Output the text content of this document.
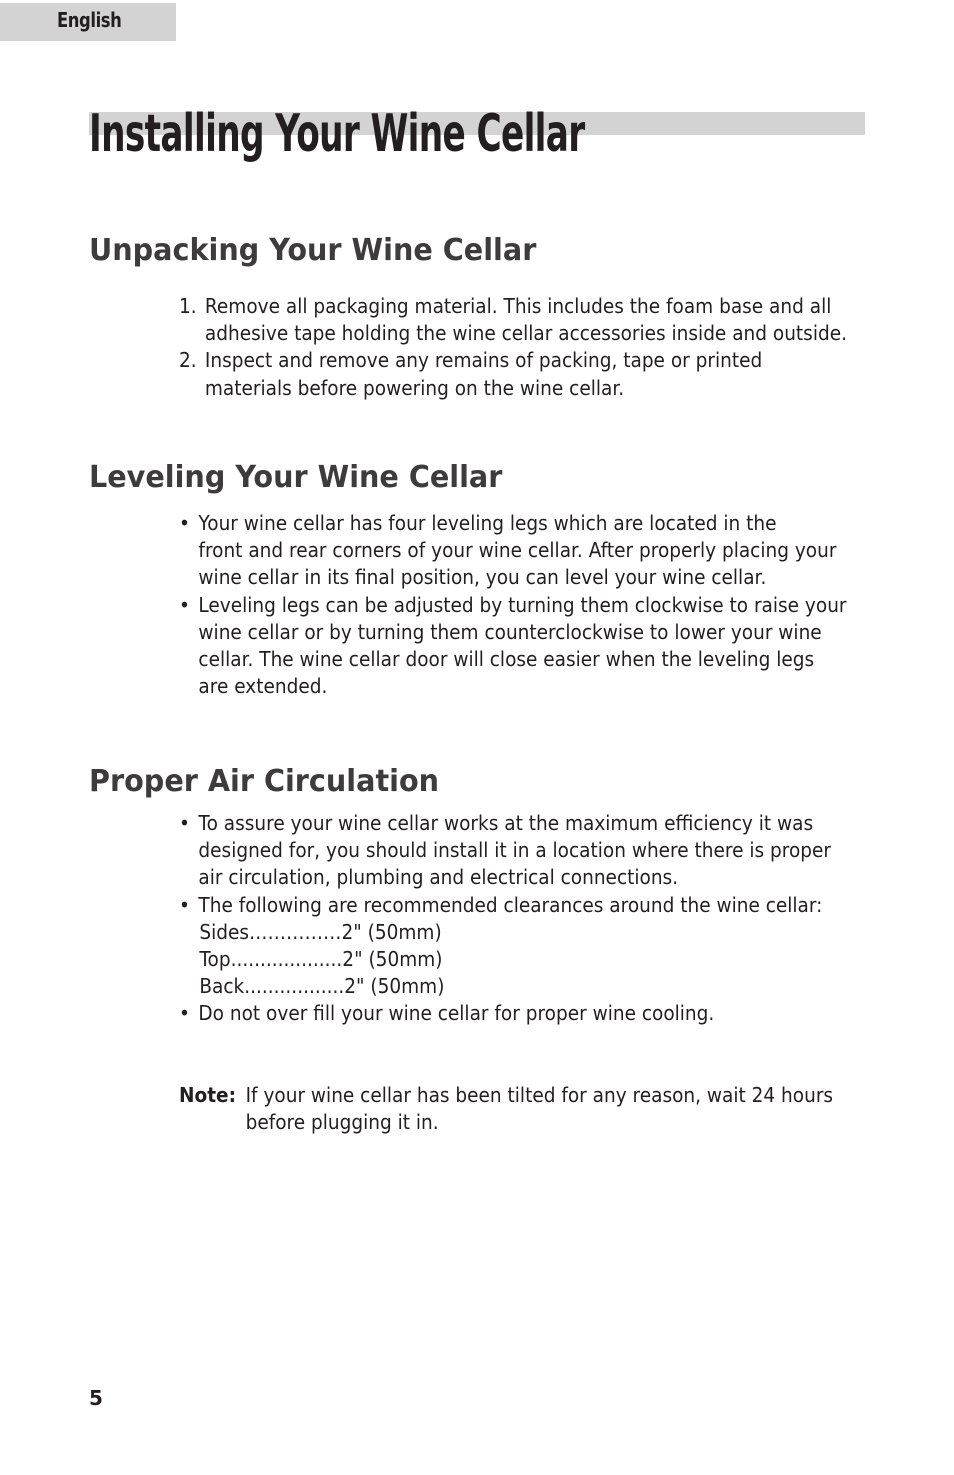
English
Installing Your Wine Cellar
Unpacking Your Wine Cellar
1. Remove all packaging material. This includes the foam base and all
adhesive tape holding the wine cellar accessories inside and outside.
2. Inspect and remove any remains of packing, tape or printed
materials before powering on the wine cellar.
Leveling Your Wine Cellar
• Your wine cellar has four leveling legs which are located in the
front and rear corners of your wine cellar. After properly placing your
wine cellar in its final position, you can level your wine cellar.
• Leveling legs can be adjusted by turning them clockwise to raise your
wine cellar or by turning them counterclockwise to lower your wine
cellar. The wine cellar door will close easier when the leveling legs
are extended.
Proper Air Circulation
• To assure your wine cellar works at the maximum efficiency it was
designed for, you should install it in a location where there is proper
air circulation, plumbing and electrical connections.
• The following are recommended clearances around the wine cellar:
Sides……………2" (50mm)
Top...................2" (50mm)
Back.................2" (50mm)
• Do not over fill your wine cellar for proper wine cooling.
Note: If your wine cellar has been tilted for any reason, wait 24 hours
before plugging it in.
5
